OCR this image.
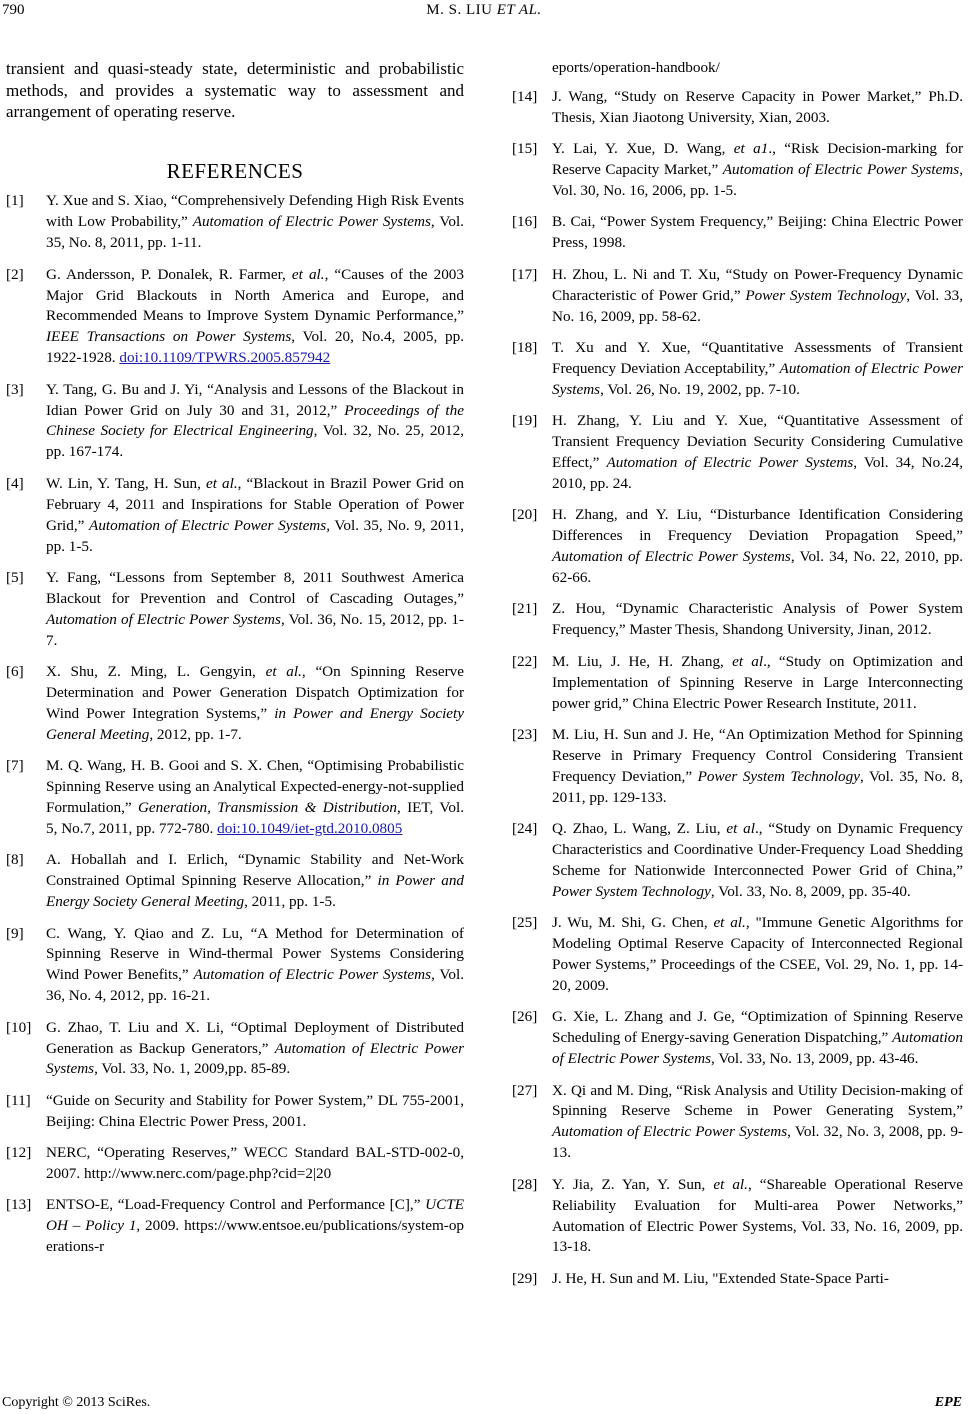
790	M. S. LIU ET AL.

transient and quasi-steady state, deterministic and probabilistic methods, and provides a systematic way to assessment and arrangement of operating reserve.

REFERENCES
[1] Y. Xue and S. Xiao, “Comprehensively Defending High Risk Events with Low Probability,” Automation of Electric Power Systems, Vol. 35, No. 8, 2011, pp. 1-11.
[2] G. Andersson, P. Donalek, R. Farmer, et al., “Causes of the 2003 Major Grid Blackouts in North America and Europe, and Recommended Means to Improve System Dynamic Performance,” IEEE Transactions on Power Systems, Vol. 20, No.4, 2005, pp. 1922-1928. doi:10.1109/TPWRS.2005.857942
[3] Y. Tang, G. Bu and J. Yi, “Analysis and Lessons of the Blackout in Idian Power Grid on July 30 and 31, 2012,” Proceedings of the Chinese Society for Electrical Engineering, Vol. 32, No. 25, 2012, pp. 167-174.
[4] W. Lin, Y. Tang, H. Sun, et al., “Blackout in Brazil Power Grid on February 4, 2011 and Inspirations for Stable Operation of Power Grid,” Automation of Electric Power Systems, Vol. 35, No. 9, 2011, pp. 1-5.
[5] Y. Fang, “Lessons from September 8, 2011 Southwest America Blackout for Prevention and Control of Cascading Outages,” Automation of Electric Power Systems, Vol. 36, No. 15, 2012, pp. 1-7.
[6] X. Shu, Z. Ming, L. Gengyin, et al., “On Spinning Reserve Determination and Power Generation Dispatch Optimization for Wind Power Integration Systems,” in Power and Energy Society General Meeting, 2012, pp. 1-7.
[7] M. Q. Wang, H. B. Gooi and S. X. Chen, “Optimising Probabilistic Spinning Reserve using an Analytical Expected-energy-not-supplied Formulation,” Generation, Transmission & Distribution, IET, Vol. 5, No.7, 2011, pp. 772-780. doi:10.1049/iet-gtd.2010.0805
[8] A. Hoballah and I. Erlich, “Dynamic Stability and Net-Work Constrained Optimal Spinning Reserve Allocation,” in Power and Energy Society General Meeting, 2011, pp. 1-5.
[9] C. Wang, Y. Qiao and Z. Lu, “A Method for Determination of Spinning Reserve in Wind-thermal Power Systems Considering Wind Power Benefits,” Automation of Electric Power Systems, Vol. 36, No. 4, 2012, pp. 16-21.
[10] G. Zhao, T. Liu and X. Li, “Optimal Deployment of Distributed Generation as Backup Generators,” Automation of Electric Power Systems, Vol. 33, No. 1, 2009,pp. 85-89.
[11] “Guide on Security and Stability for Power System,” DL 755-2001, Beijing: China Electric Power Press, 2001.
[12] NERC, “Operating Reserves,” WECC Standard BAL-STD-002-0, 2007. http://www.nerc.com/page.php?cid=2|20
[13] ENTSO-E, “Load-Frequency Control and Performance [C],” UCTE OH – Policy 1, 2009. https://www.entsoe.eu/publications/system-operations-r
eports/operation-handbook/
[14] J. Wang, “Study on Reserve Capacity in Power Market,” Ph.D. Thesis, Xian Jiaotong University, Xian, 2003.
[15] Y. Lai, Y. Xue, D. Wang, et a1., “Risk Decision-marking for Reserve Capacity Market,” Automation of Electric Power Systems, Vol. 30, No. 16, 2006, pp. 1-5.
[16] B. Cai, “Power System Frequency,” Beijing: China Electric Power Press, 1998.
[17] H. Zhou, L. Ni and T. Xu, “Study on Power-Frequency Dynamic Characteristic of Power Grid,” Power System Technology, Vol. 33, No. 16, 2009, pp. 58-62.
[18] T. Xu and Y. Xue, “Quantitative Assessments of Transient Frequency Deviation Acceptability,” Automation of Electric Power Systems, Vol. 26, No. 19, 2002, pp. 7-10.
[19] H. Zhang, Y. Liu and Y. Xue, “Quantitative Assessment of Transient Frequency Deviation Security Considering Cumulative Effect,” Automation of Electric Power Systems, Vol. 34, No.24, 2010, pp. 24.
[20] H. Zhang, and Y. Liu, “Disturbance Identification Considering Differences in Frequency Deviation Propagation Speed,” Automation of Electric Power Systems, Vol. 34, No. 22, 2010, pp. 62-66.
[21] Z. Hou, “Dynamic Characteristic Analysis of Power System Frequency,” Master Thesis, Shandong University, Jinan, 2012.
[22] M. Liu, J. He, H. Zhang, et al., “Study on Optimization and Implementation of Spinning Reserve in Large Interconnecting power grid,” China Electric Power Research Institute, 2011.
[23] M. Liu, H. Sun and J. He, “An Optimization Method for Spinning Reserve in Primary Frequency Control Considering Transient Frequency Deviation,” Power System Technology, Vol. 35, No. 8, 2011, pp. 129-133.
[24] Q. Zhao, L. Wang, Z. Liu, et al., “Study on Dynamic Frequency Characteristics and Coordinative Under-Frequency Load Shedding Scheme for Nationwide Interconnected Power Grid of China,” Power System Technology, Vol. 33, No. 8, 2009, pp. 35-40.
[25] J. Wu, M. Shi, G. Chen, et al., "Immune Genetic Algorithms for Modeling Optimal Reserve Capacity of Interconnected Regional Power Systems,” Proceedings of the CSEE, Vol. 29, No. 1, pp. 14-20, 2009.
[26] G. Xie, L. Zhang and J. Ge, “Optimization of Spinning Reserve Scheduling of Energy-saving Generation Dispatching,” Automation of Electric Power Systems, Vol. 33, No. 13, 2009, pp. 43-46.
[27] X. Qi and M. Ding, “Risk Analysis and Utility Decision-making of Spinning Reserve Scheme in Power Generating System,” Automation of Electric Power Systems, Vol. 32, No. 3, 2008, pp. 9-13.
[28] Y. Jia, Z. Yan, Y. Sun, et al., “Shareable Operational Reserve Reliability Evaluation for Multi-area Power Networks,” Automation of Electric Power Systems, Vol. 33, No. 16, 2009, pp. 13-18.
[29] J. He, H. Sun and M. Liu, "Extended State-Space Parti-
Copyright © 2013 SciRes.	EPE
